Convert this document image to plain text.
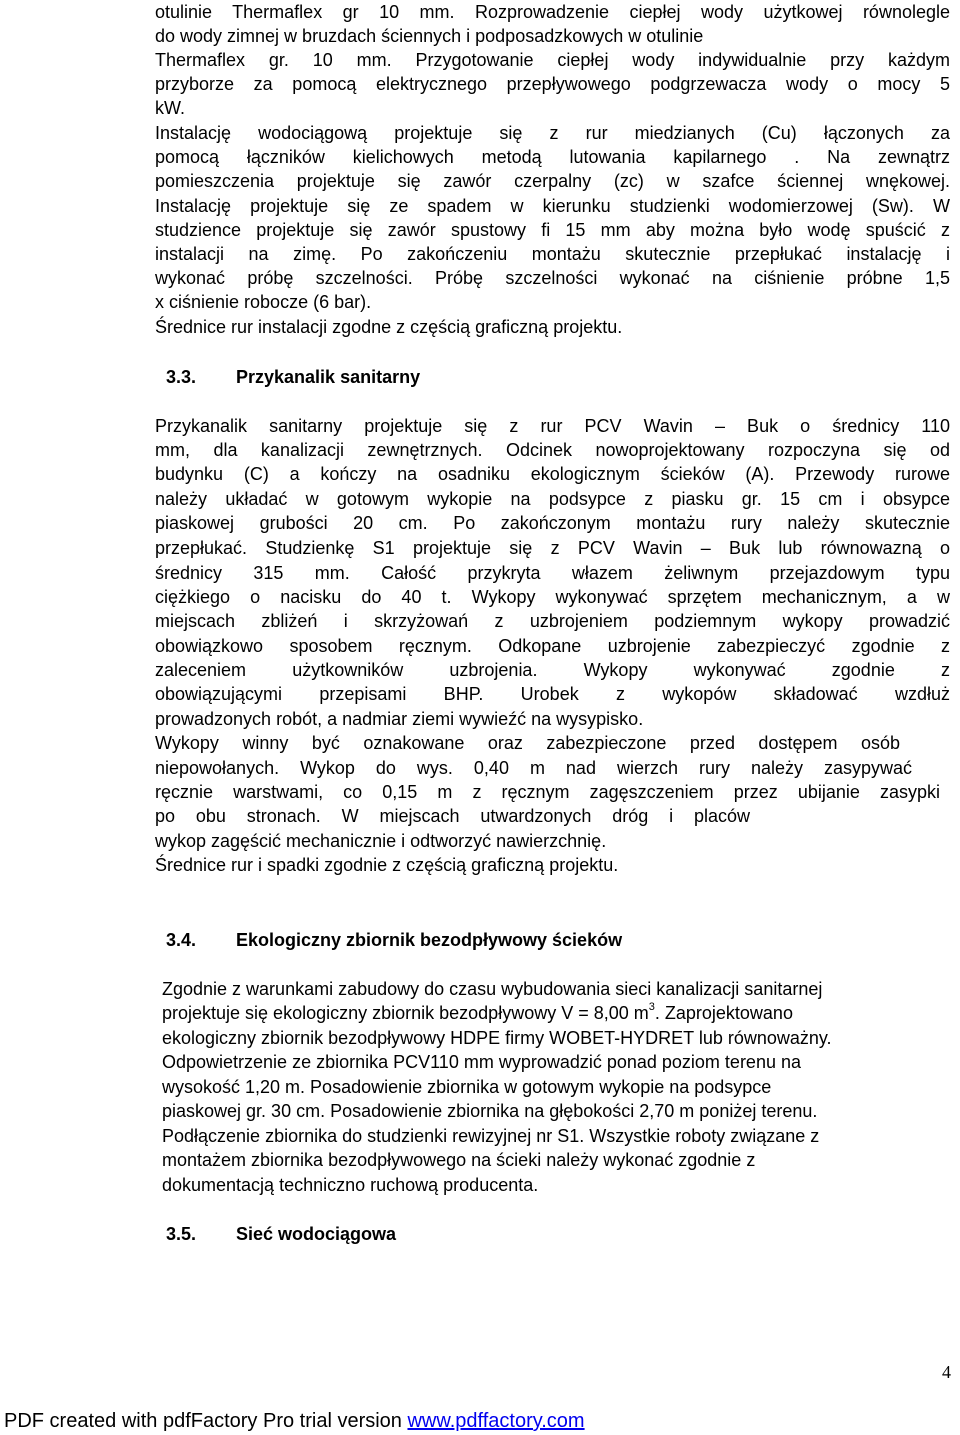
otulinie Thermaflex gr 10 mm. Rozprowadzenie ciepłej wody użytkowej równolegle
do wody zimnej w bruzdach ściennych i podposadzkowych w otulinie
Thermaflex gr. 10 mm. Przygotowanie ciepłej wody indywidualnie przy każdym
przyborze za pomocą elektrycznego przepływowego podgrzewacza wody o mocy 5
kW.
Instalację wodociągową projektuje się z rur miedzianych (Cu) łączonych za
pomocą łączników kielichowych metodą lutowania kapilarnego . Na zewnątrz
pomieszczenia projektuje się zawór czerpalny (zc) w szafce ściennej wnękowej.
Instalację projektuje się ze spadem w kierunku studzienki wodomierzowej (Sw). W
studzience projektuje się zawór spustowy fi 15 mm aby można było wodę spuścić z
instalacji na zimę. Po zakończeniu montażu skutecznie przepłukać instalację i
wykonać próbę szczelności. Próbę szczelności wykonać na ciśnienie próbne 1,5
x ciśnienie robocze (6 bar).
Średnice rur instalacji zgodne z częścią graficzną projektu.
3.3. Przykanalik sanitarny
Przykanalik sanitarny projektuje się z rur PCV Wavin – Buk o średnicy 110
mm, dla kanalizacji zewnętrznych. Odcinek nowoprojektowany rozpoczyna się od
budynku (C) a kończy na osadniku ekologicznym ścieków (A). Przewody rurowe
należy układać w gotowym wykopie na podsypce z piasku gr. 15 cm i obsypce
piaskowej grubości 20 cm. Po zakończonym montażu rury należy skutecznie
przepłukać. Studzienkę S1 projektuje się z PCV Wavin – Buk lub równowazną o
średnicy 315 mm. Całość przykryta włazem żeliwnym przejazdowym typu
ciężkiego o nacisku do 40 t. Wykopy wykonywać sprzętem mechanicznym, a w
miejscach zbliżeń i skrzyżowań z uzbrojeniem podziemnym wykopy prowadzić
obowiązkowo sposobem ręcznym. Odkopane uzbrojenie zabezpieczyć zgodnie z
zaleceniem użytkowników uzbrojenia. Wykopy wykonywać zgodnie z
obowiązującymi przepisami BHP. Urobek z wykopów składować wzdłuż
prowadzonych robót, a nadmiar ziemi wywieźć na wysypisko.
Wykopy winny być oznakowane oraz zabezpieczone przed dostępem osób
niepowołanych. Wykop do wys. 0,40 m nad wierzch rury należy zasypywać
ręcznie warstwami, co 0,15 m z ręcznym zagęszczeniem przez ubijanie zasypki
po obu stronach. W miejscach utwardzonych dróg i placów
wykop zagęścić mechanicznie i odtworzyć nawierzchnię.
Średnice rur i spadki zgodnie z częścią graficzną projektu.
3.4. Ekologiczny zbiornik bezodpływowy ścieków
Zgodnie z warunkami zabudowy do czasu wybudowania sieci kanalizacji sanitarnej
projektuje się ekologiczny zbiornik bezodpływowy V = 8,00 $m^3$. Zaprojektowano
ekologiczny zbiornik bezodpływowy HDPE firmy WOBET-HYDRET lub równoważny.
Odpowietrzenie ze zbiornika PCV110 mm wyprowadzić ponad poziom terenu na
wysokość 1,20 m. Posadowienie zbiornika w gotowym wykopie na podsypce
piaskowej gr. 30 cm. Posadowienie zbiornika na głębokości 2,70 m poniżej terenu.
Podłączenie zbiornika do studzienki rewizyjnej nr S1. Wszystkie roboty związane z
montażem zbiornika bezodpływowego na ścieki należy wykonać zgodnie z
dokumentacją techniczno ruchową producenta.
3.5. Sieć wodociągowa
4
PDF created with pdfFactory Pro trial version www.pdffactory.com
